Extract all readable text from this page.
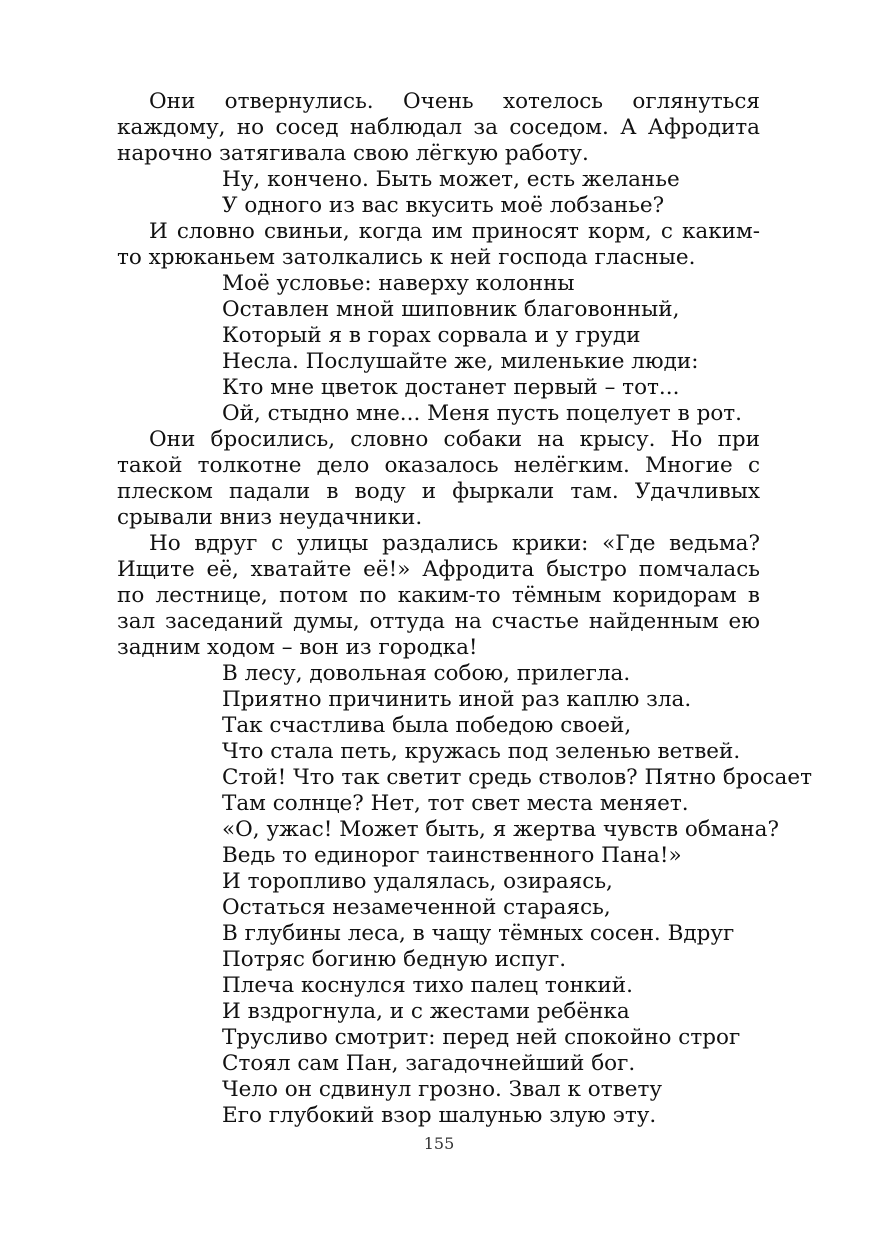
Они отвернулись. Очень хотелось оглянуться каждому, но сосед наблюдал за соседом. А Афродита нарочно затягивала свою лёгкую работу.

Ну, кончено. Быть может, есть желанье
У одного из вас вкусить моё лобзанье?

И словно свиньи, когда им приносят корм, с каким-то хрюканьем затолкались к ней господа гласные.

Моё условье: наверху колонны
Оставлен мной шиповник благовонный,
Который я в горах сорвала и у груди
Несла. Послушайте же, миленькие люди:
Кто мне цветок достанет первый – тот...
Ой, стыдно мне... Меня пусть поцелует в рот.

Они бросились, словно собаки на крысу. Но при такой толкотне дело оказалось нелёгким. Многие с плеском падали в воду и фыркали там. Удачливых срывали вниз неудачники.

Но вдруг с улицы раздались крики: «Где ведьма? Ищите её, хватайте её!» Афродита быстро помчалась по лестнице, потом по каким-то тёмным коридорам в зал заседаний думы, оттуда на счастье найденным ею задним ходом – вон из городка!

В лесу, довольная собою, прилегла.
Приятно причинить иной раз каплю зла.
Так счастлива была победою своей,
Что стала петь, кружась под зеленью ветвей.
Стой! Что так светит средь стволов? Пятно бросает
Там солнце? Нет, тот свет места меняет.
«О, ужас! Может быть, я жертва чувств обмана?
Ведь то единорог таинственного Пана!»
И торопливо удалялась, озираясь,
Остаться незамеченной стараясь,
В глубины леса, в чащу тёмных сосен. Вдруг
Потряс богиню бедную испуг.
Плеча коснулся тихо палец тонкий.
И вздрогнула, и с жестами ребёнка
Трусливо смотрит: перед ней спокойно строг
Стоял сам Пан, загадочнейший бог.
Чело он сдвинул грозно. Звал к ответу
Его глубокий взор шалунью злую эту.
155
